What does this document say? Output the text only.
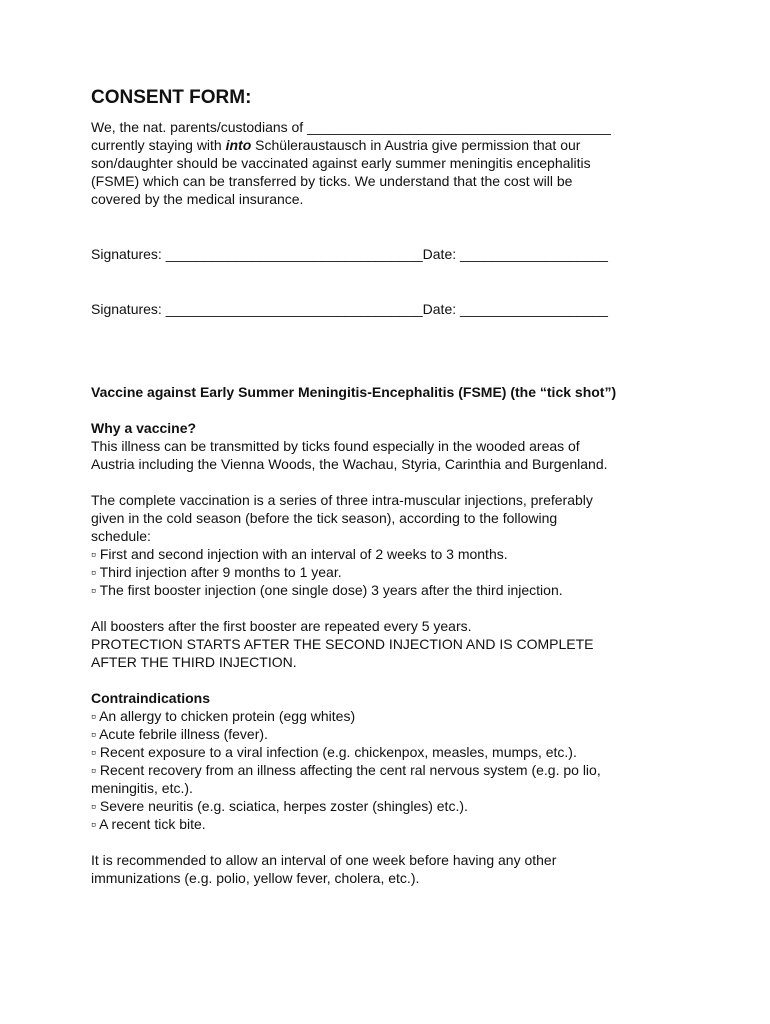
CONSENT FORM:
We, the nat. parents/custodians of _______________________________________
currently staying with into Schüleraustausch in Austria give permission that our
son/daughter should be vaccinated against early summer meningitis encephalitis
(FSME) which can be transferred by ticks. We understand that the cost will be
covered by the medical insurance.
Signatures: _________________________________Date: ___________________
Signatures: _________________________________Date: ___________________
Vaccine against Early Summer Meningitis-Encephalitis (FSME) (the “tick shot”)
Why a vaccine?
This illness can be transmitted by ticks found especially in the wooded areas of
Austria including the Vienna Woods, the Wachau, Styria, Carinthia and Burgenland.
The complete vaccination is a series of three intra-muscular injections, preferably
given in the cold season (before the tick season), according to the following
schedule:
▫ First and second injection with an interval of 2 weeks to 3 months.
▫ Third injection after 9 months to 1 year.
▫ The first booster injection (one single dose) 3 years after the third injection.
All boosters after the first booster are repeated every 5 years.
PROTECTION STARTS AFTER THE SECOND INJECTION AND IS COMPLETE
AFTER THE THIRD INJECTION.
Contraindications
▫ An allergy to chicken protein (egg whites)
▫ Acute febrile illness (fever).
▫ Recent exposure to a viral infection (e.g. chickenpox, measles, mumps, etc.).
▫ Recent recovery from an illness affecting the cent ral nervous system (e.g. po lio,
meningitis, etc.).
▫ Severe neuritis (e.g. sciatica, herpes zoster (shingles) etc.).
▫ A recent tick bite.
It is recommended to allow an interval of one week before having any other
immunizations (e.g. polio, yellow fever, cholera, etc.).
